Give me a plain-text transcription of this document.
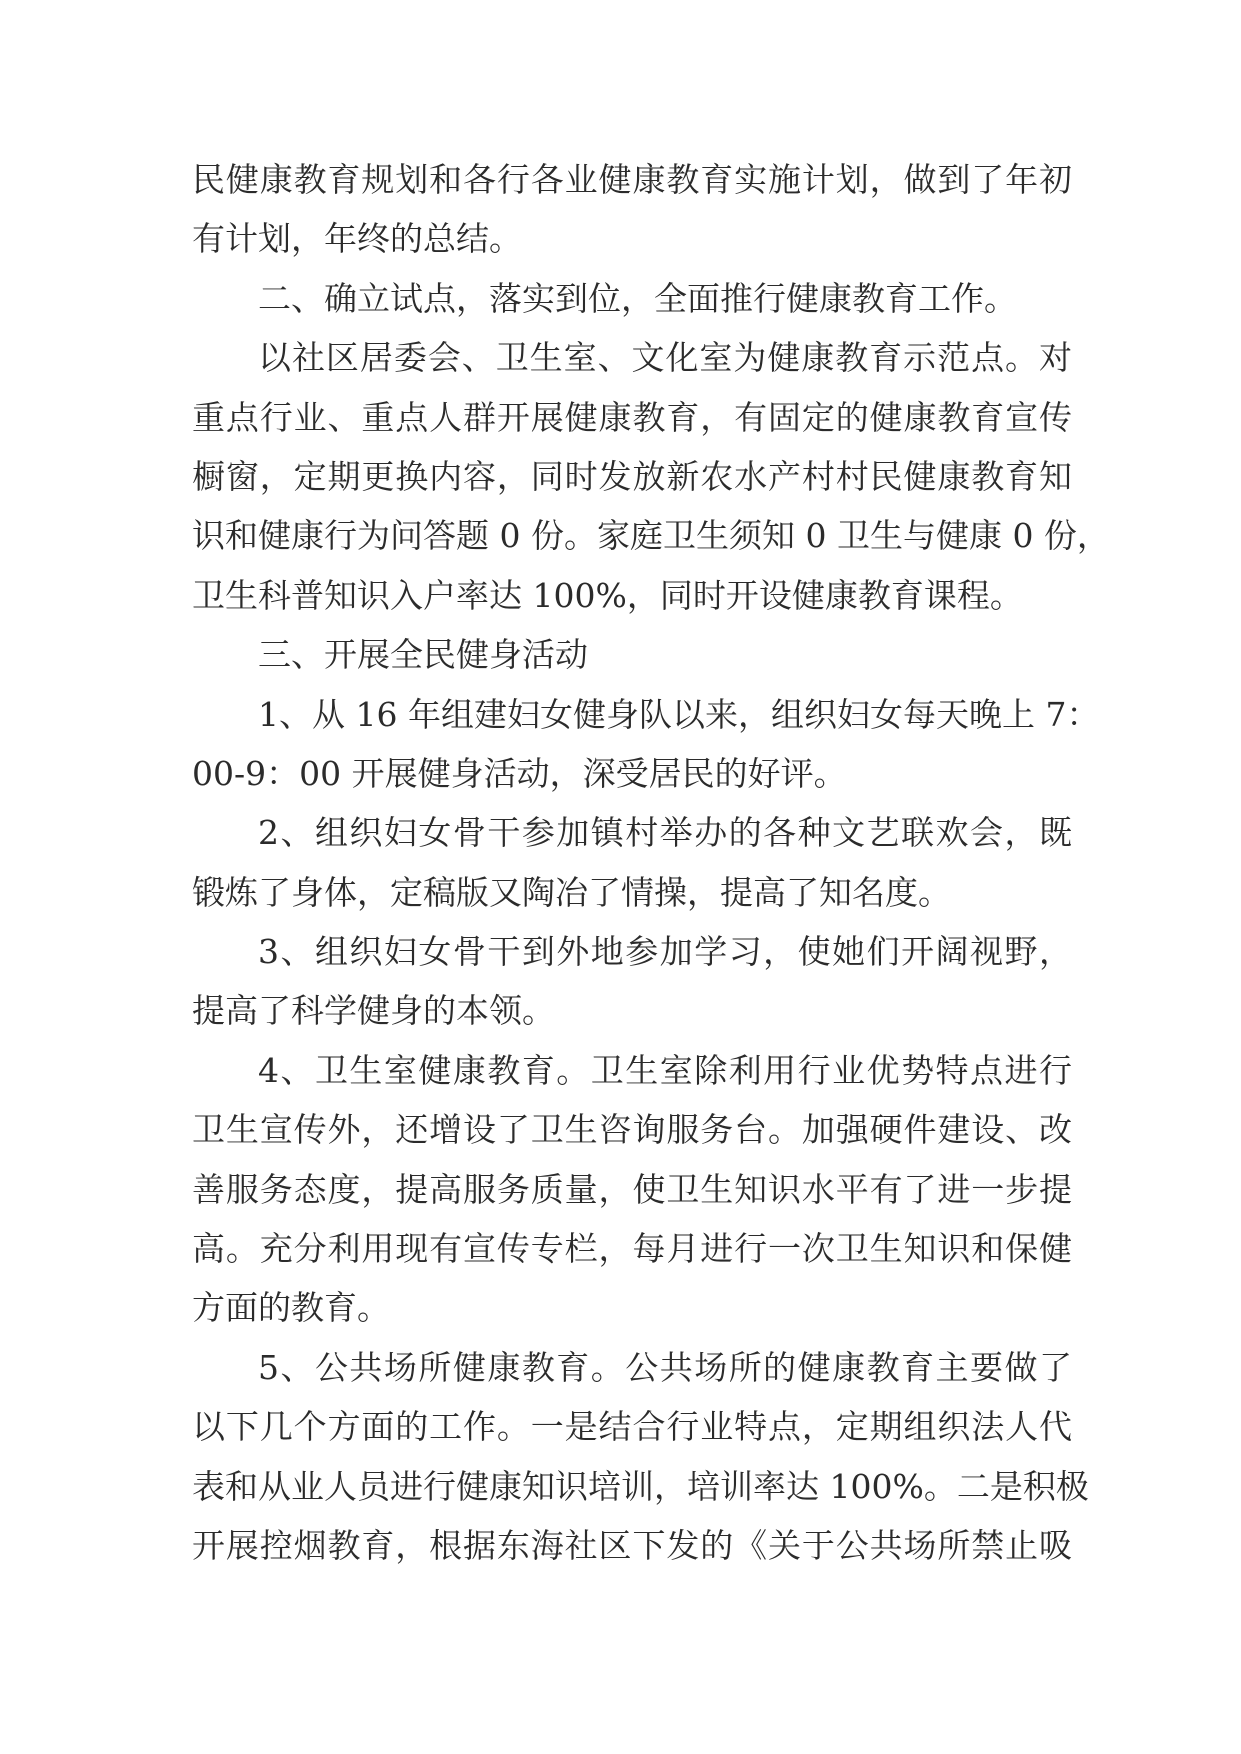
民健康教育规划和各行各业健康教育实施计划，做到了年初
有计划，年终的总结。
二、确立试点，落实到位，全面推行健康教育工作。
以社区居委会、卫生室、文化室为健康教育示范点。对
重点行业、重点人群开展健康教育，有固定的健康教育宣传
橱窗，定期更换内容，同时发放新农水产村村民健康教育知
识和健康行为问答题 0 份。家庭卫生须知 0 卫生与健康 0 份，
卫生科普知识入户率达 100%，同时开设健康教育课程。
三、开展全民健身活动
1、从 16 年组建妇女健身队以来，组织妇女每天晚上 7：
00-9：00 开展健身活动，深受居民的好评。
2、组织妇女骨干参加镇村举办的各种文艺联欢会，既
锻炼了身体，定稿版又陶冶了情操，提高了知名度。
3、组织妇女骨干到外地参加学习，使她们开阔视野，
提高了科学健身的本领。
4、卫生室健康教育。卫生室除利用行业优势特点进行
卫生宣传外，还增设了卫生咨询服务台。加强硬件建设、改
善服务态度，提高服务质量，使卫生知识水平有了进一步提
高。充分利用现有宣传专栏，每月进行一次卫生知识和保健
方面的教育。
5、公共场所健康教育。公共场所的健康教育主要做了
以下几个方面的工作。一是结合行业特点，定期组织法人代
表和从业人员进行健康知识培训，培训率达 100%。二是积极
开展控烟教育，根据东海社区下发的《关于公共场所禁止吸
